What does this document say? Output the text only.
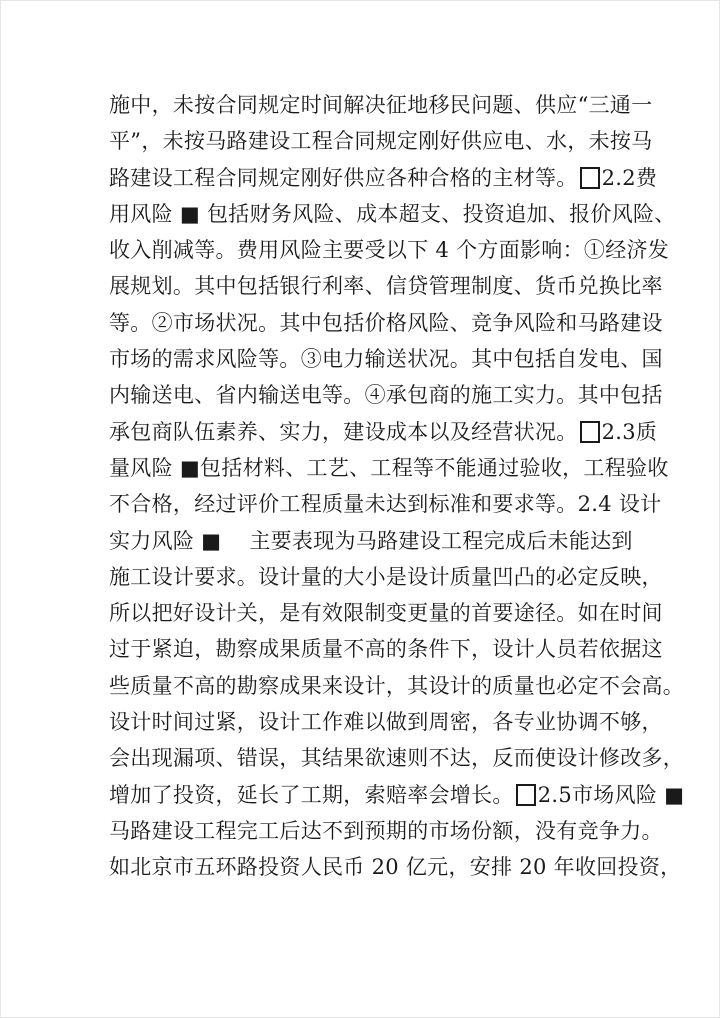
施中，未按合同规定时间解决征地移民问题、供应“三通一
平”，未按马路建设工程合同规定刚好供应电、水，未按马
路建设工程合同规定刚好供应各种合格的主材等。 2.2费
用风险 ■ 包括财务风险、成本超支、投资追加、报价风险、
收入削减等。费用风险主要受以下 4 个方面影响：①经济发
展规划。其中包括银行利率、信贷管理制度、货币兑换比率
等。②市场状况。其中包括价格风险、竞争风险和马路建设
市场的需求风险等。③电力输送状况。其中包括自发电、国
内输送电、省内输送电等。④承包商的施工实力。其中包括
承包商队伍素养、实力，建设成本以及经营状况。 2.3质
量风险 ■包括材料、工艺、工程等不能通过验收，工程验收
不合格，经过评价工程质量未达到标准和要求等。2.4 设计
实力风险 ■ 主要表现为马路建设工程完成后未能达到
施工设计要求。设计量的大小是设计质量凹凸的必定反映，
所以把好设计关，是有效限制变更量的首要途径。如在时间
过于紧迫，勘察成果质量不高的条件下，设计人员若依据这
些质量不高的勘察成果来设计，其设计的质量也必定不会高。
设计时间过紧，设计工作难以做到周密，各专业协调不够，
会出现漏项、错误，其结果欲速则不达，反而使设计修改多，
增加了投资，延长了工期，索赔率会增长。 2.5市场风险 ■
马路建设工程完工后达不到预期的市场份额，没有竞争力。
如北京市五环路投资人民币 20 亿元，安排 20 年收回投资，
